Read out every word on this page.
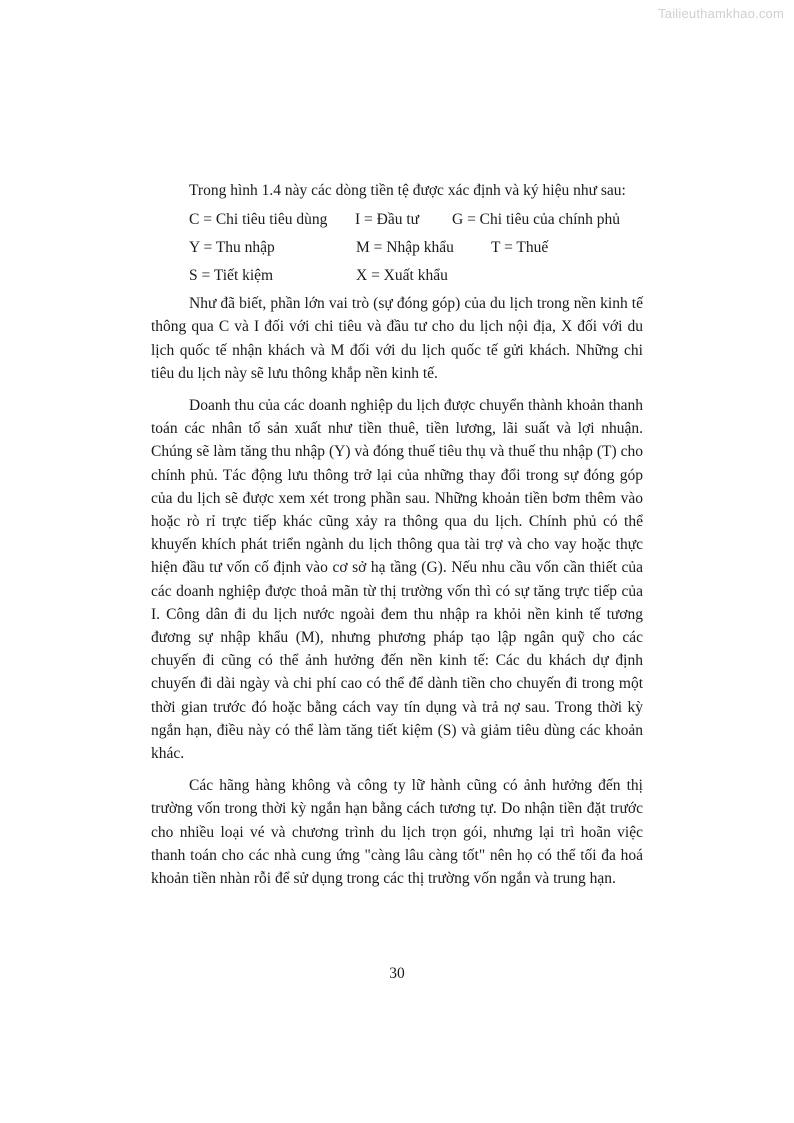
Tailieuthamkhao.com

Trong hình 1.4 này các dòng tiền tệ được xác định và ký hiệu như sau:

C = Chi tiêu tiêu dùng I = Đầu tư G = Chi tiêu của chính phủ
Y = Thu nhập	M = Nhập khẩu T = Thuế
S = Tiết kiệm	X = Xuất khẩu

Như đã biết, phần lớn vai trò (sự đóng góp) của du lịch trong nền kinh tế thông qua C và I đối với chi tiêu và đầu tư cho du lịch nội địa, X đối với du lịch quốc tế nhận khách và M đối với du lịch quốc tế gửi khách. Những chi tiêu du lịch này sẽ lưu thông khắp nền kinh tế.

Doanh thu của các doanh nghiệp du lịch được chuyển thành khoản thanh toán các nhân tố sản xuất như tiền thuê, tiền lương, lãi suất và lợi nhuận. Chúng sẽ làm tăng thu nhập (Y) và đóng thuế tiêu thụ và thuế thu nhập (T) cho chính phủ. Tác động lưu thông trở lại của những thay đổi trong sự đóng góp của du lịch sẽ được xem xét trong phần sau. Những khoản tiền bơm thêm vào hoặc rò rỉ trực tiếp khác cũng xảy ra thông qua du lịch. Chính phủ có thể khuyến khích phát triển ngành du lịch thông qua tài trợ và cho vay hoặc thực hiện đầu tư vốn cố định vào cơ sở hạ tầng (G). Nếu nhu cầu vốn cần thiết của các doanh nghiệp được thoả mãn từ thị trường vốn thì có sự tăng trực tiếp của I. Công dân đi du lịch nước ngoài đem thu nhập ra khỏi nền kinh tế tương đương sự nhập khẩu (M), nhưng phương pháp tạo lập ngân quỹ cho các chuyến đi cũng có thể ảnh hưởng đến nền kinh tế: Các du khách dự định chuyến đi dài ngày và chi phí cao có thể để dành tiền cho chuyến đi trong một thời gian trước đó hoặc bằng cách vay tín dụng và trả nợ sau. Trong thời kỳ ngắn hạn, điều này có thể làm tăng tiết kiệm (S) và giảm tiêu dùng các khoản khác.

Các hãng hàng không và công ty lữ hành cũng có ảnh hưởng đến thị trường vốn trong thời kỳ ngắn hạn bằng cách tương tự. Do nhận tiền đặt trước cho nhiều loại vé và chương trình du lịch trọn gói, nhưng lại trì hoãn việc thanh toán cho các nhà cung ứng "càng lâu càng tốt" nên họ có thể tối đa hoá khoản tiền nhàn rỗi để sử dụng trong các thị trường vốn ngắn và trung hạn.

30
